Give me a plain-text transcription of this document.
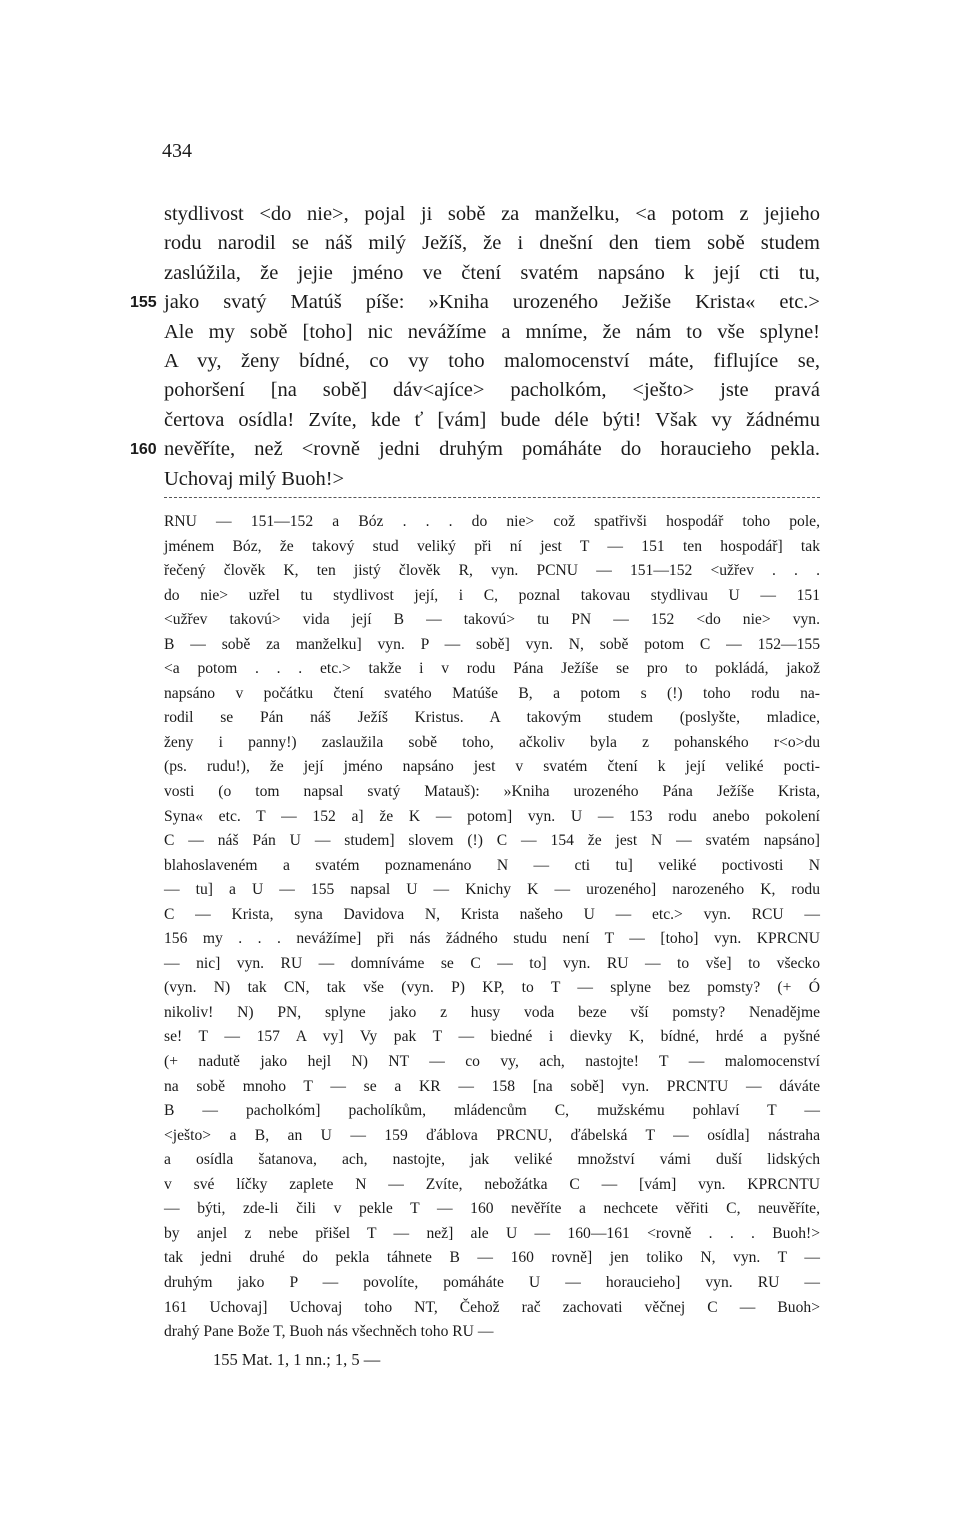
434
stydlivost <do nie>, pojal ji sobě za manželku, <a potom z jejieho
rodu narodil se náš milý Ježíš, že i dnešní den tiem sobě studem
zaslúžila, že jejie jméno ve čtení svatém napsáno k její cti tu,
155 jako svatý Matúš píše: »Kniha urozeného Ježiše Krista« etc.>
Ale my sobě [toho] nic nevážíme a mníme, že nám to vše splyne!
A vy, ženy bídné, co vy toho malomocenství máte, fiflujíce se,
pohoršení [na sobě] dáv<ajíce> pacholkóm, <ješto> jste pravá
čertova osídla! Zvíte, kde ť [vám] bude déle býti! Však vy žádnému
160 nevěříte, než <rovně jedni druhým pomáháte do horaucieho pekla.
Uchovaj milý Buoh!>
RNU — 151—152 a Bóz . . . do nie> což spatřivši hospodář toho pole,
jménem Bóz, že takový stud veliký při ní jest T — 151 ten hospodář] tak
řečený člověk K, ten jistý člověk R, vyn. PCNU — 151—152 <užřev . . .
do nie> uzřel tu stydlivost její, i C, poznal takovau stydlivau U — 151
<užřev takovú> vida její B — takovú> tu PN — 152 <do nie> vyn.
B — sobě za manželku] vyn. P — sobě] vyn. N, sobě potom C — 152—155
<a potom . . . etc.> takže i v rodu Pána Ježíše se pro to pokládá, jakož
napsáno v počátku čtení svatého Matúše B, a potom s (!) toho rodu na-
rodil se Pán náš Ježíš Kristus. A takovým studem (poslyšte, mladice,
ženy i panny!) zaslaužila sobě toho, ačkoliv byla z pohanského r<o>du
(ps. rudu!), že její jméno napsáno jest v svatém čtení k její veliké pocti-
vosti (o tom napsal svatý Matauš): »Kniha urozeného Pána Ježíše Krista,
Syna« etc. T — 152 a] že K — potom] vyn. U — 153 rodu anebo pokolení
C — náš Pán U — studem] slovem (!) C — 154 že jest N — svatém napsáno]
blahoslaveném a svatém poznamenáno N — cti tu] veliké poctivosti N
— tu] a U — 155 napsal U — Knichy K — urozeného] narozeného K, rodu
C — Krista, syna Davidova N, Krista našeho U — etc.> vyn. RCU —
156 my . . . nevážíme] při nás žádného studu není T — [toho] vyn. KPRCNU
— nic] vyn. RU — domníváme se C — to] vyn. RU — to vše] to všecko
(vyn. N) tak CN, tak vše (vyn. P) KP, to T — splyne bez pomsty? (+ Ó
nikoliv! N) PN, splyne jako z husy voda beze vší pomsty? Nenadějme
se! T — 157 A vy] Vy pak T — biedné i dievky K, bídné, hrdé a pyšné
(+ nadutě jako hejl N) NT — co vy, ach, nastojte! T — malomocenství
na sobě mnoho T — se a KR — 158 [na sobě] vyn. PRCNTU — dáváte
B — pacholkóm] pacholíkům, mládencům C, mužskému pohlaví T —
<ješto> a B, an U — 159 ďáblova PRCNU, ďábelská T — osídla] nástraha
a osídla šatanova, ach, nastojte, jak veliké množství vámi duší lidských
v své líčky zaplete N — Zvíte, nebožátka C — [vám] vyn. KPRCNTU
— býti, zde-li čili v pekle T — 160 nevěříte a nechcete věřiti C, neuvěříte,
by anjel z nebe přišel T — než] ale U — 160—161 <rovně . . . Buoh!>
tak jedni druhé do pekla táhnete B — 160 rovně] jen toliko N, vyn. T —
druhým jako P — povolíte, pomáháte U — horaucieho] vyn. RU —
161 Uchovaj] Uchovaj toho NT, Čehož rač zachovati věčnej C — Buoh>
drahý Pane Bože T, Buoh nás všechněch toho RU —
155 Mat. 1, 1 nn.; 1, 5 —
